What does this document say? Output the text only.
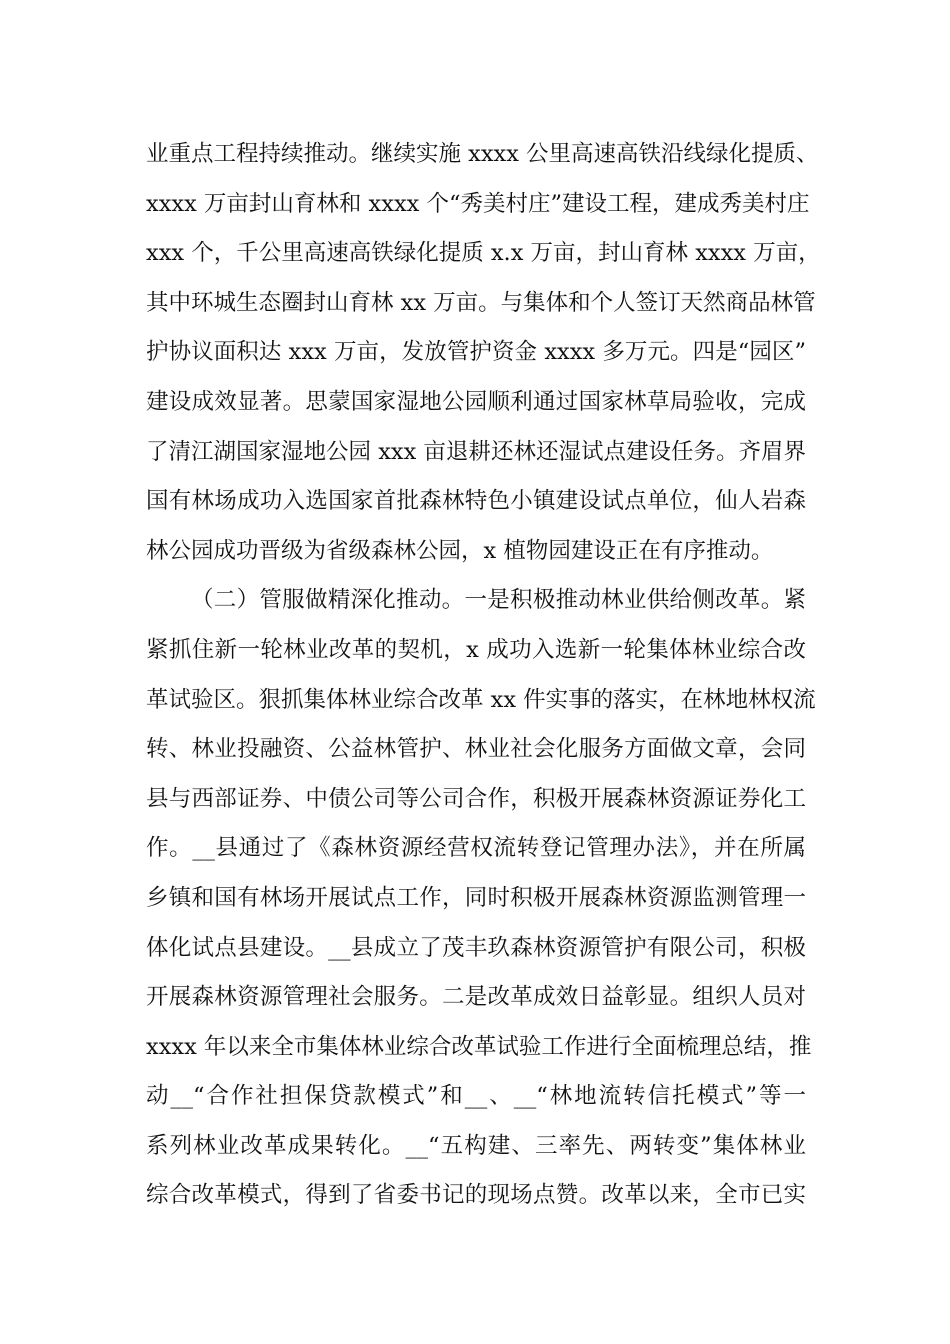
业重点工程持续推动。继续实施 xxxx 公里高速高铁沿线绿化提质、
xxxx 万亩封山育林和 xxxx 个“秀美村庄”建设工程，建成秀美村庄
xxx 个，千公里高速高铁绿化提质 x.x 万亩，封山育林 xxxx 万亩，
其中环城生态圈封山育林 xx 万亩。与集体和个人签订天然商品林管
护协议面积达 xxx 万亩，发放管护资金 xxxx 多万元。四是“园区”
建设成效显著。思蒙国家湿地公园顺利通过国家林草局验收，完成
了清江湖国家湿地公园 xxx 亩退耕还林还湿试点建设任务。齐眉界
国有林场成功入选国家首批森林特色小镇建设试点单位，仙人岩森
林公园成功晋级为省级森林公园，x 植物园建设正在有序推动。
（二）管服做精深化推动。一是积极推动林业供给侧改革。紧
紧抓住新一轮林业改革的契机，x 成功入选新一轮集体林业综合改
革试验区。狠抓集体林业综合改革 xx 件实事的落实，在林地林权流
转、林业投融资、公益林管护、林业社会化服务方面做文章，会同
县与西部证券、中债公司等公司合作，积极开展森林资源证券化工
作。__县通过了《森林资源经营权流转登记管理办法》，并在所属
乡镇和国有林场开展试点工作，同时积极开展森林资源监测管理一
体化试点县建设。__县成立了茂丰玖森林资源管护有限公司，积极
开展森林资源管理社会服务。二是改革成效日益彰显。组织人员对
xxxx 年以来全市集体林业综合改革试验工作进行全面梳理总结，推
动__“合作社担保贷款模式”和__、__“林地流转信托模式”等一
系列林业改革成果转化。__“五构建、三率先、两转变”集体林业
综合改革模式，得到了省委书记的现场点赞。改革以来，全市已实
